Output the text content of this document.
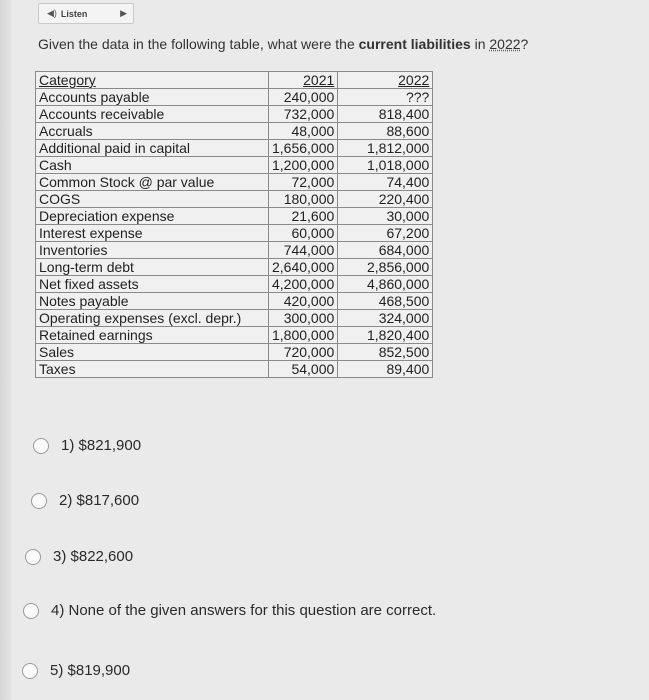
◀) Listen	▶
Given the data in the following table, what were the current liabilities in 2022?
Category	2021	2022
Accounts payable	240,000	???
Accounts receivable	732,000	818,400
Accruals	48,000	88,600
Additional paid in capital	1,656,000	1,812,000
Cash	1,200,000	1,018,000
Common Stock @ par value	72,000	74,400
COGS	180,000	220,400
Depreciation expense	21,600	30,000
Interest expense	60,000	67,200
Inventories	744,000	684,000
Long-term debt	2,640,000	2,856,000
Net fixed assets	4,200,000	4,860,000
Notes payable	420,000	468,500
Operating expenses (excl. depr.)	300,000	324,000
Retained earnings	1,800,000	1,820,400
Sales	720,000	852,500
Taxes	54,000	89,400
1) $821,900
2) $817,600
3) $822,600
4) None of the given answers for this question are correct.
5) $819,900
